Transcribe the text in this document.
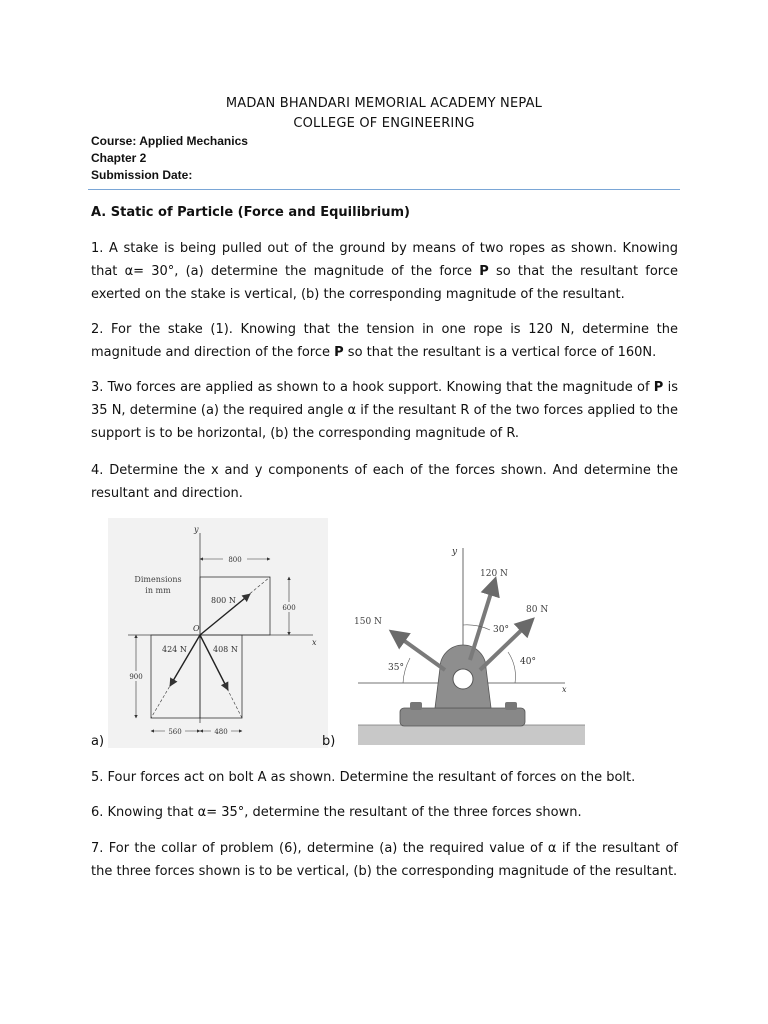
MADAN BHANDARI MEMORIAL ACADEMY NEPAL
COLLEGE OF ENGINEERING
Course: Applied Mechanics
Chapter 2
Submission Date:
A. Static of Particle (Force and Equilibrium)
1. A stake is being pulled out of the ground by means of two ropes as shown. Knowing that α= 30°, (a) determine the magnitude of the force P so that the resultant force exerted on the stake is vertical, (b) the corresponding magnitude of the resultant.
2. For the stake (1). Knowing that the tension in one rope is 120 N, determine the magnitude and direction of the force P so that the resultant is a vertical force of 160N.
3. Two forces are applied as shown to a hook support. Knowing that the magnitude of P is 35 N, determine (a) the required angle α if the resultant R of the two forces applied to the support is to be horizontal, (b) the corresponding magnitude of R.
4. Determine the x and y components of each of the forces shown. And determine the resultant and direction.
y
x
800
600
900
560	480
800 N
424 N	408 N
O
Dimensions
in mm
a)
y
x
120 N
80 N
150 N
30°
40°
35°
b)
5. Four forces act on bolt A as shown. Determine the resultant of forces on the bolt.
6. Knowing that α= 35°, determine the resultant of the three forces shown.
7. For the collar of problem (6), determine (a) the required value of α if the resultant of the three forces shown is to be vertical, (b) the corresponding magnitude of the resultant.
